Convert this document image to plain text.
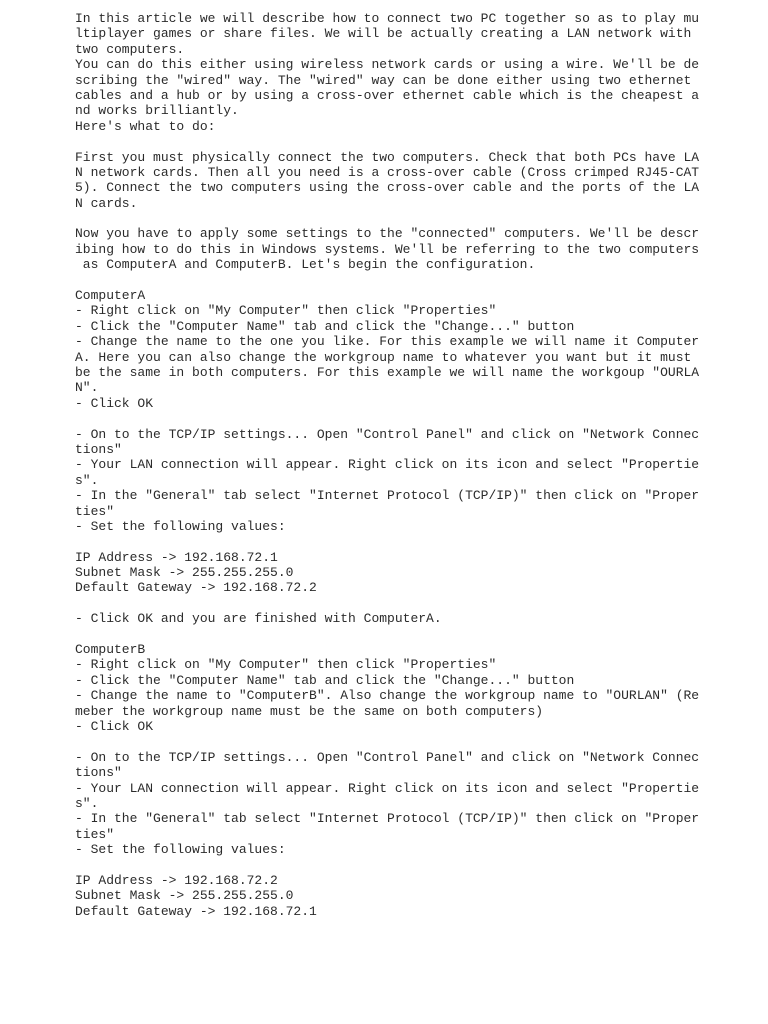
In this article we will describe how to connect two PC together so as to play mu
ltiplayer games or share files. We will be actually creating a LAN network with
two computers.
You can do this either using wireless network cards or using a wire. We'll be de
scribing the "wired" way. The "wired" way can be done either using two ethernet
cables and a hub or by using a cross-over ethernet cable which is the cheapest a
nd works brilliantly.
Here's what to do:
First you must physically connect the two computers. Check that both PCs have LA
N network cards. Then all you need is a cross-over cable (Cross crimped RJ45-CAT
5). Connect the two computers using the cross-over cable and the ports of the LA
N cards.
Now you have to apply some settings to the "connected" computers. We'll be descr
ibing how to do this in Windows systems. We'll be referring to the two computers
as ComputerA and ComputerB. Let's begin the configuration.
ComputerA
- Right click on "My Computer" then click "Properties"
- Click the "Computer Name" tab and click the "Change..." button
- Change the name to the one you like. For this example we will name it Computer
A. Here you can also change the workgroup name to whatever you want but it must
be the same in both computers. For this example we will name the workgoup "OURLA
N".
- Click OK
- On to the TCP/IP settings... Open "Control Panel" and click on "Network Connec
tions"
- Your LAN connection will appear. Right click on its icon and select "Propertie
s".
- In the "General" tab select "Internet Protocol (TCP/IP)" then click on "Proper
ties"
- Set the following values:
IP Address -> 192.168.72.1
Subnet Mask -> 255.255.255.0
Default Gateway -> 192.168.72.2
- Click OK and you are finished with ComputerA.
ComputerB
- Right click on "My Computer" then click "Properties"
- Click the "Computer Name" tab and click the "Change..." button
- Change the name to "ComputerB". Also change the workgroup name to "OURLAN" (Re
meber the workgroup name must be the same on both computers)
- Click OK
- On to the TCP/IP settings... Open "Control Panel" and click on "Network Connec
tions"
- Your LAN connection will appear. Right click on its icon and select "Propertie
s".
- In the "General" tab select "Internet Protocol (TCP/IP)" then click on "Proper
ties"
- Set the following values:
IP Address -> 192.168.72.2
Subnet Mask -> 255.255.255.0
Default Gateway -> 192.168.72.1
